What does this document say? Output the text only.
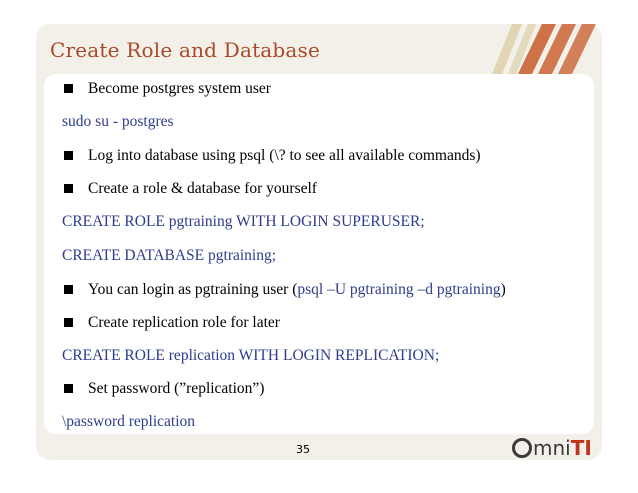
Create Role and Database
Become postgres system user
sudo su - postgres
Log into database using psql (\? to see all available commands)
Create a role & database for yourself
CREATE ROLE pgtraining WITH LOGIN SUPERUSER;
CREATE DATABASE pgtraining;
You can login as pgtraining user (psql –U pgtraining –d pgtraining)
Create replication role for later
CREATE ROLE replication WITH LOGIN REPLICATION;
Set password (”replication”)
\password replication
35	mni TI
